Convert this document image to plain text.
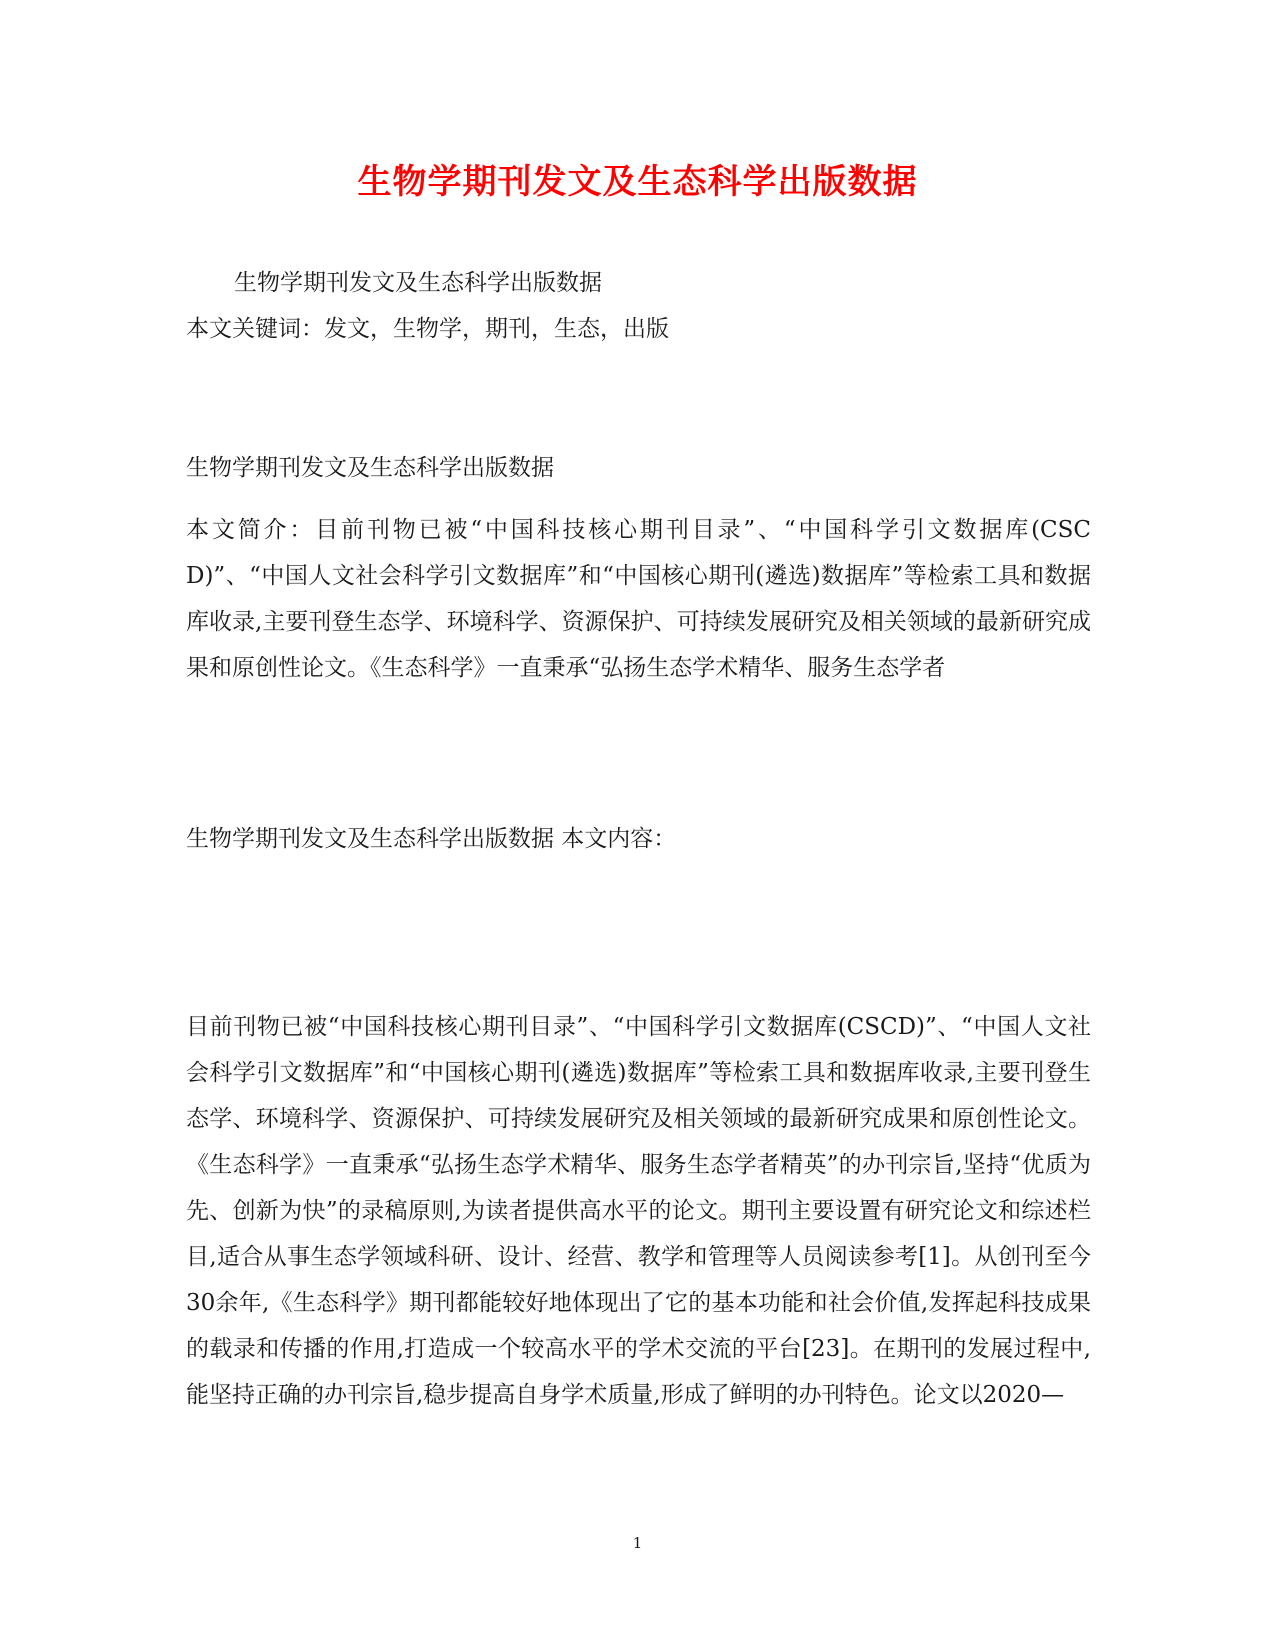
生物学期刊发文及生态科学出版数据
生物学期刊发文及生态科学出版数据
本文关键词：发文，生物学，期刊，生态，出版
生物学期刊发文及生态科学出版数据
本文简介：目前刊物已被“中国科技核心期刊目录”、“中国科学引文数据库(CSCD)”、“中国人文社会科学引文数据库”和“中国核心期刊(遴选)数据库”等检索工具和数据库收录,主要刊登生态学、环境科学、资源保护、可持续发展研究及相关领域的最新研究成果和原创性论文。《生态科学》一直秉承“弘扬生态学术精华、服务生态学者
生物学期刊发文及生态科学出版数据 本文内容：
目前刊物已被“中国科技核心期刊目录”、“中国科学引文数据库(CSCD)”、“中国人文社会科学引文数据库”和“中国核心期刊(遴选)数据库”等检索工具和数据库收录,主要刊登生态学、环境科学、资源保护、可持续发展研究及相关领域的最新研究成果和原创性论文。《生态科学》一直秉承“弘扬生态学术精华、服务生态学者精英”的办刊宗旨,坚持“优质为先、创新为快”的录稿原则,为读者提供高水平的论文。期刊主要设置有研究论文和综述栏目,适合从事生态学领域科研、设计、经营、教学和管理等人员阅读参考[1]。从创刊至今30余年,《生态科学》期刊都能较好地体现出了它的基本功能和社会价值,发挥起科技成果的载录和传播的作用,打造成一个较高水平的学术交流的平台[23]。在期刊的发展过程中,能坚持正确的办刊宗旨,稳步提高自身学术质量,形成了鲜明的办刊特色。论文以2020—
1
